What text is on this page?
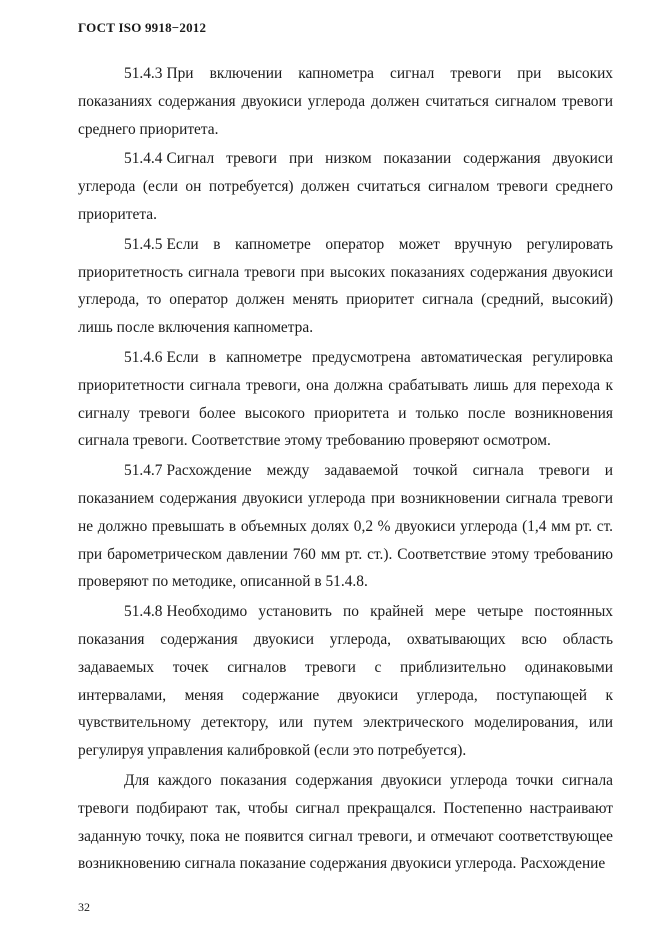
ГОСТ ISO 9918−2012

51.4.3 При включении капнометра сигнал тревоги при высоких показаниях содержания двуокиси углерода должен считаться сигналом тревоги среднего приоритета.

51.4.4 Сигнал тревоги при низком показании содержания двуокиси углерода (если он потребуется) должен считаться сигналом тревоги среднего приоритета.

51.4.5 Если в капнометре оператор может вручную регулировать приоритетность сигнала тревоги при высоких показаниях содержания двуокиси углерода, то оператор должен менять приоритет сигнала (средний, высокий) лишь после включения капнометра.

51.4.6 Если в капнометре предусмотрена автоматическая регулировка приоритетности сигнала тревоги, она должна срабатывать лишь для перехода к сигналу тревоги более высокого приоритета и только после возникновения сигнала тревоги. Соответствие этому требованию проверяют осмотром.

51.4.7 Расхождение между задаваемой точкой сигнала тревоги и показанием содержания двуокиси углерода при возникновении сигнала тревоги не должно превышать в объемных долях 0,2 % двуокиси углерода (1,4 мм рт. ст. при барометрическом давлении 760 мм рт. ст.). Соответствие этому требованию проверяют по методике, описанной в 51.4.8.

51.4.8 Необходимо установить по крайней мере четыре постоянных показания содержания двуокиси углерода, охватывающих всю область задаваемых точек сигналов тревоги с приблизительно одинаковыми интервалами, меняя содержание двуокиси углерода, поступающей к чувствительному детектору, или путем электрического моделирования, или регулируя управления калибровкой (если это потребуется).

Для каждого показания содержания двуокиси углерода точки сигнала тревоги подбирают так, чтобы сигнал прекращался. Постепенно настраивают заданную точку, пока не появится сигнал тревоги, и отмечают соответствующее возникновению сигнала показание содержания двуокиси углерода. Расхождение

32
